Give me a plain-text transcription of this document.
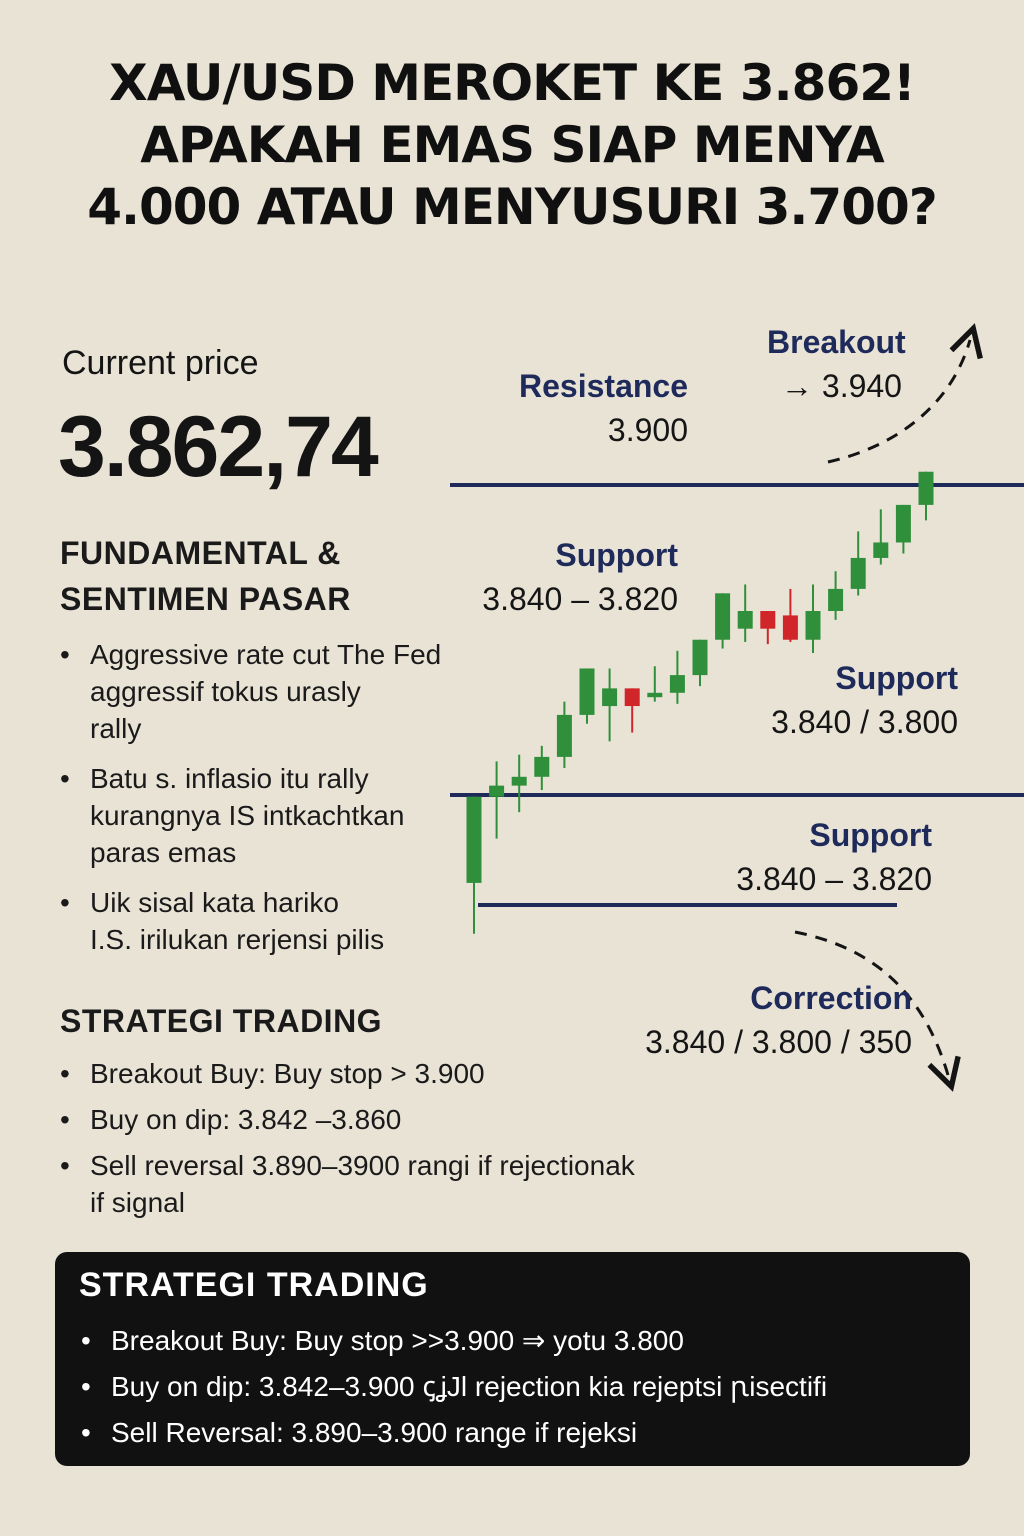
XAU/USD MEROKET KE 3.862!
APAKAH EMAS SIAP MENYA
4.000 ATAU MENYUSURI 3.700?
Current price
3.862,74
FUNDAMENTAL &
SENTIMEN PASAR
• Aggressive rate cut The Fed
aggressif tokus urasly
rally
• Batu s. inflasio itu rally
kurangnya IS intkachtkan
paras emas
• Uik sisal kata hariko
I.S. irilukan rerjensi pilis
STRATEGI TRADING
• Breakout Buy: Buy stop > 3.900
• Buy on dip: 3.842 –3.860
• Sell reversal 3.890–3900 rangi if rejectionak
if signal
Breakout
→ 3.940
Resistance
3.900
Support
3.840 – 3.820
Support
3.840 / 3.800
Support
3.840 – 3.820
Correction
3.840 / 3.800 / 350
STRATEGI TRADING
• Breakout Buy: Buy stop >>3.900 ⇒ yotu 3.800
• Buy on dip: 3.842–3.900 ꞔʝJl rejection kia rejeptsi ꞃisectifi
• Sell Reversal: 3.890–3.900 range if rejeksi
